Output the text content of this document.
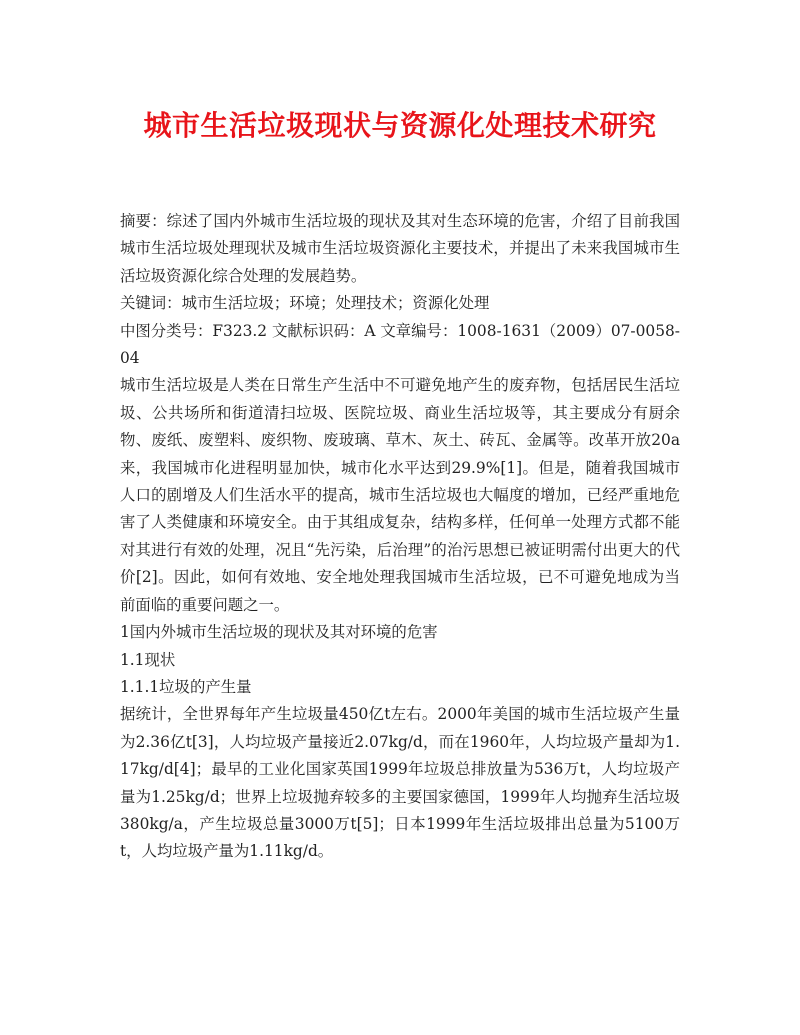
城市生活垃圾现状与资源化处理技术研究

摘要：综述了国内外城市生活垃圾的现状及其对生态环境的危害，介绍了目前我国城市生活垃圾处理现状及城市生活垃圾资源化主要技术，并提出了未来我国城市生活垃圾资源化综合处理的发展趋势。

关键词：城市生活垃圾；环境；处理技术；资源化处理

中图分类号：F323.2 文献标识码：A 文章编号：1008-1631（2009）07-0058-04

城市生活垃圾是人类在日常生产生活中不可避免地产生的废弃物，包括居民生活垃圾、公共场所和街道清扫垃圾、医院垃圾、商业生活垃圾等，其主要成分有厨余物、废纸、废塑料、废织物、废玻璃、草木、灰土、砖瓦、金属等。改革开放20a来，我国城市化进程明显加快，城市化水平达到29.9%[1]。但是，随着我国城市人口的剧增及人们生活水平的提高，城市生活垃圾也大幅度的增加，已经严重地危害了人类健康和环境安全。由于其组成复杂，结构多样，任何单一处理方式都不能对其进行有效的处理，况且“先污染，后治理”的治污思想已被证明需付出更大的代价[2]。因此，如何有效地、安全地处理我国城市生活垃圾，已不可避免地成为当前面临的重要问题之一。

1国内外城市生活垃圾的现状及其对环境的危害

1.1现状

1.1.1垃圾的产生量

据统计，全世界每年产生垃圾量450亿t左右。2000年美国的城市生活垃圾产生量为2.36亿t[3]，人均垃圾产量接近2.07kg/d，而在1960年，人均垃圾产量却为1.17kg/d[4]；最早的工业化国家英国1999年垃圾总排放量为536万t，人均垃圾产量为1.25kg/d；世界上垃圾抛弃较多的主要国家德国，1999年人均抛弃生活垃圾380kg/a，产生垃圾总量3000万t[5]；日本1999年生活垃圾排出总量为5100万t，人均垃圾产量为1.11kg/d。
